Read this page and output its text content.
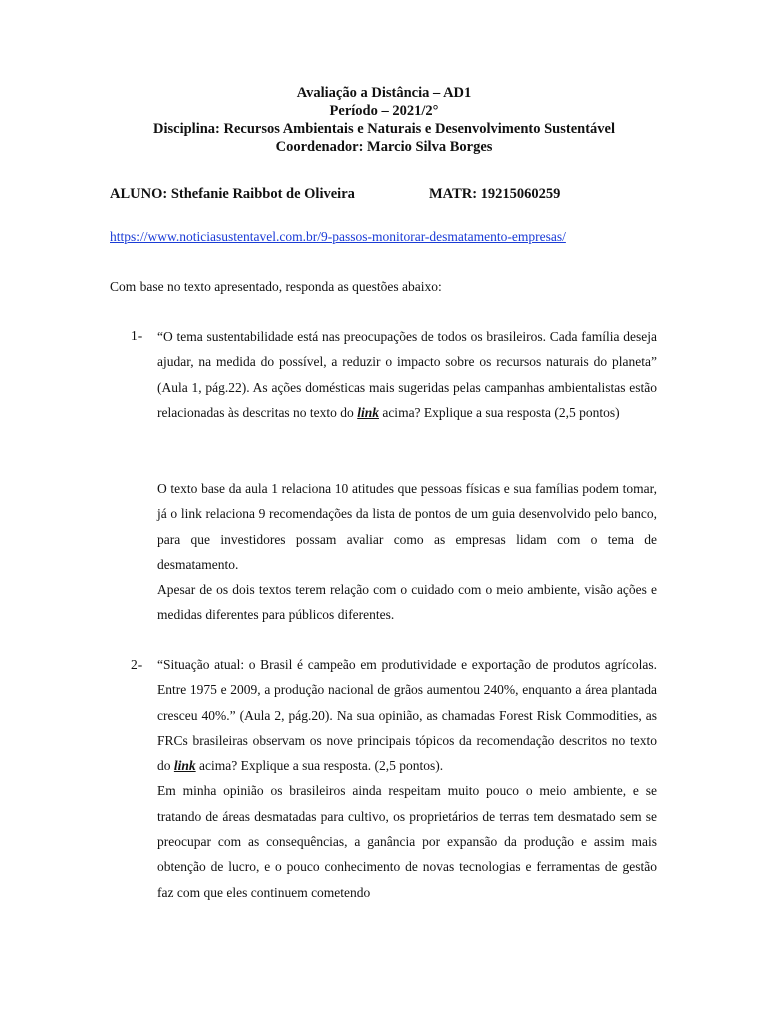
Avaliação a Distância – AD1
Período – 2021/2°
Disciplina: Recursos Ambientais e Naturais e Desenvolvimento Sustentável
Coordenador: Marcio Silva Borges
ALUNO: Sthefanie Raibbot de Oliveira	MATR: 19215060259
https://www.noticiasustentavel.com.br/9-passos-monitorar-desmatamento-empresas/
Com base no texto apresentado, responda as questões abaixo:
1- “O tema sustentabilidade está nas preocupações de todos os brasileiros. Cada família deseja ajudar, na medida do possível, a reduzir o impacto sobre os recursos naturais do planeta” (Aula 1, pág.22). As ações domésticas mais sugeridas pelas campanhas ambientalistas estão relacionadas às descritas no texto do link acima? Explique a sua resposta (2,5 pontos)

O texto base da aula 1 relaciona 10 atitudes que pessoas físicas e sua famílias podem tomar, já o link relaciona 9 recomendações da lista de pontos de um guia desenvolvido pelo banco, para que investidores possam avaliar como as empresas lidam com o tema de desmatamento.

Apesar de os dois textos terem relação com o cuidado com o meio ambiente, visão ações e medidas diferentes para públicos diferentes.

2- “Situação atual: o Brasil é campeão em produtividade e exportação de produtos agrícolas. Entre 1975 e 2009, a produção nacional de grãos aumentou 240%, enquanto a área plantada cresceu 40%.” (Aula 2, pág.20). Na sua opinião, as chamadas Forest Risk Commodities, as FRCs brasileiras observam os nove principais tópicos da recomendação descritos no texto do link acima? Explique a sua resposta. (2,5 pontos).

Em minha opinião os brasileiros ainda respeitam muito pouco o meio ambiente, e se tratando de áreas desmatadas para cultivo, os proprietários de terras tem desmatado sem se preocupar com as consequências, a ganância por expansão da produção e assim mais obtenção de lucro, e o pouco conhecimento de novas tecnologias e ferramentas de gestão faz com que eles continuem cometendo
